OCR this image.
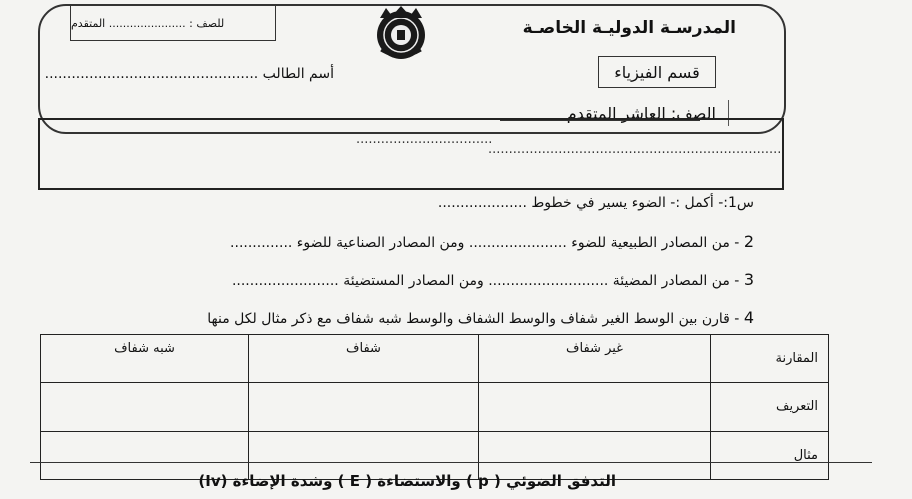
المدرسـة الدوليـة الخاصـة
قسم الفيزياء
الصف: العاشر المتقدم
للصف : ...................... المتقدم
أسم الطالب ................................................
.......................................................................
.................................
س1:- أكمل :- الضوء يسير في خطوط ....................
2 - من المصادر الطبيعية للضوء ...................... ومن المصادر الصناعية للضوء ..............
3 - من المصادر المضيئة ........................... ومن المصادر المستضيئة ........................
4 - قارن بين الوسط الغير شفاف والوسط الشفاف والوسط شبه شفاف مع ذكر مثال لكل منها
المقارنة	غير شفاف	شفاف	شبه شفاف
التعريف			
مثال			
التدفق الضوئي ( p ) والاستضاءة ( E ) وشدة الإضاءة (Iv)
